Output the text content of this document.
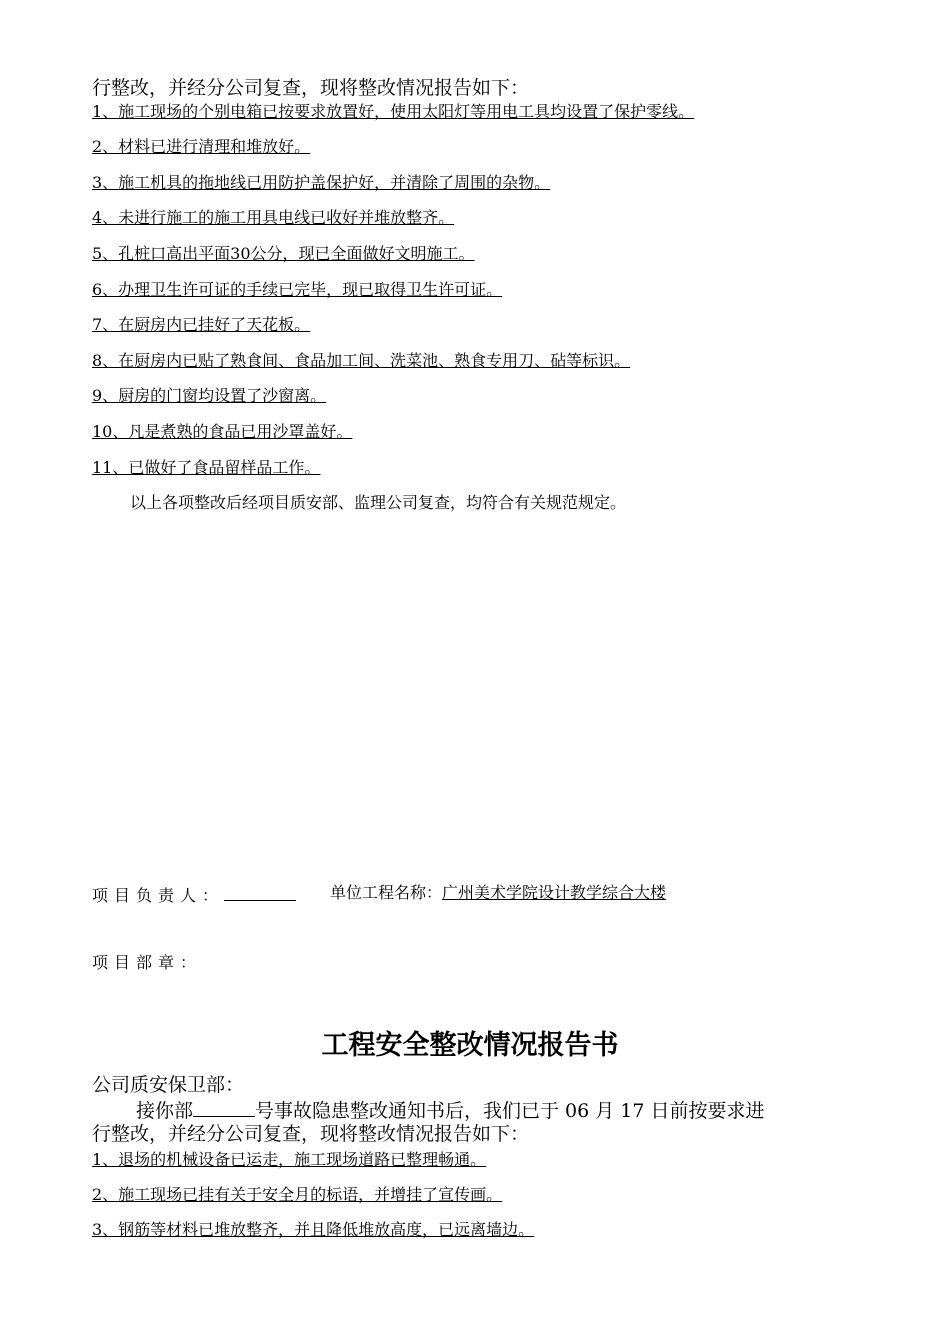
行整改，并经分公司复查，现将整改情况报告如下：
1、施工现场的个别电箱已按要求放置好，使用太阳灯等用电工具均设置了保护零线。
2、材料已进行清理和堆放好。
3、施工机具的拖地线已用防护盖保护好，并清除了周围的杂物。
4、未进行施工的施工用具电线已收好并堆放整齐。
5、孔桩口高出平面30公分，现已全面做好文明施工。
6、办理卫生许可证的手续已完毕，现已取得卫生许可证。
7、在厨房内已挂好了天花板。
8、在厨房内已贴了熟食间、食品加工间、洗菜池、熟食专用刀、砧等标识。
9、厨房的门窗均设置了沙窗离。
10、凡是煮熟的食品已用沙罩盖好。
11、已做好了食品留样品工作。
以上各项整改后经项目质安部、监理公司复查，均符合有关规范规定。
项目负责人：	单位工程名称：广州美术学院设计教学综合大楼
项目部章：
工程安全整改情况报告书
公司质安保卫部：
接你部	号事故隐患整改通知书后，我们已于 06 月 17 日前按要求进
行整改，并经分公司复查，现将整改情况报告如下：
1、退场的机械设备已运走，施工现场道路已整理畅通。
2、施工现场已挂有关于安全月的标语，并增挂了宣传画。
3、钢筋等材料已堆放整齐，并且降低堆放高度，已远离墙边。
